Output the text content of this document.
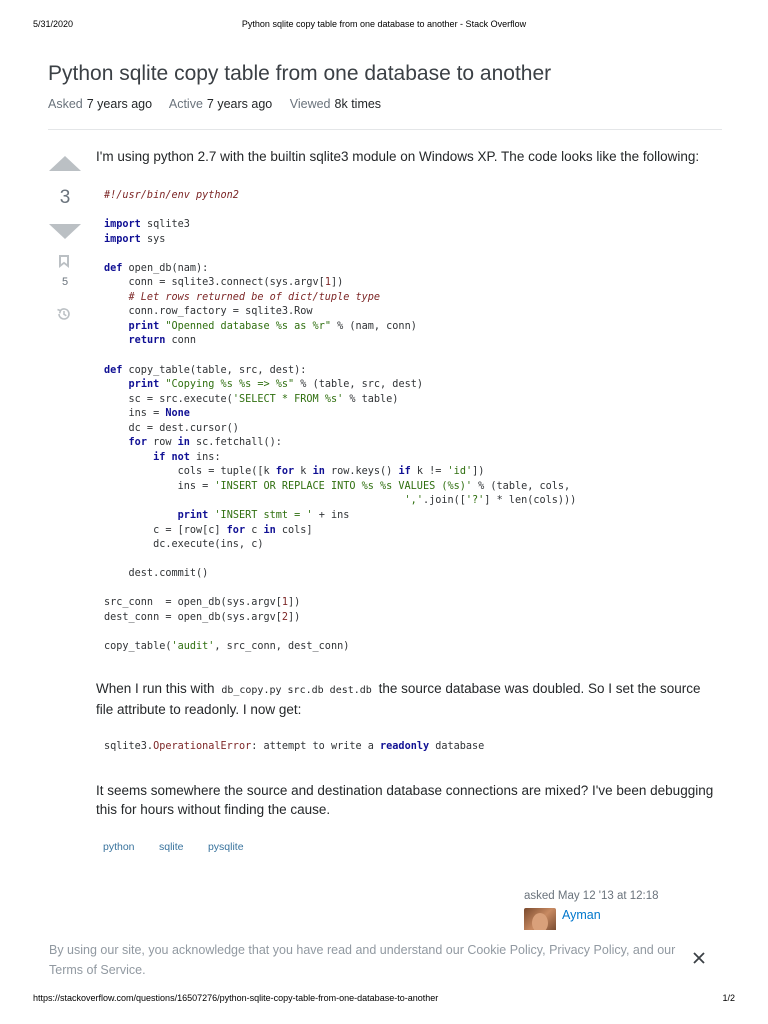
5/31/2020	Python sqlite copy table from one database to another - Stack Overflow
Python sqlite copy table from one database to another
Asked 7 years ago Active 7 years ago Viewed 8k times
3
5

I'm using python 2.7 with the builtin sqlite3 module on Windows XP. The code looks like the following:

#!/usr/bin/env python2

import sqlite3
import sys

def open_db(nam):
conn = sqlite3.connect(sys.argv[1])
# Let rows returned be of dict/tuple type
conn.row_factory = sqlite3.Row
print "Openned database %s as %r" % (nam, conn)
return conn

def copy_table(table, src, dest):
print "Copying %s %s => %s" % (table, src, dest)
sc = src.execute('SELECT * FROM %s' % table)
ins = None
dc = dest.cursor()
for row in sc.fetchall():
if not ins:
cols = tuple([k for k in row.keys() if k != 'id'])
ins = 'INSERT OR REPLACE INTO %s %s VALUES (%s)' % (table, cols,
','.join(['?'] * len(cols)))
print 'INSERT stmt = ' + ins
c = [row[c] for c in cols]
dc.execute(ins, c)

dest.commit()

src_conn  = open_db(sys.argv[1])
dest_conn = open_db(sys.argv[2])

copy_table('audit', src_conn, dest_conn)

When I run this with db_copy.py src.db dest.db the source database was doubled. So I set the source file attribute to readonly. I now get:

sqlite3.OperationalError: attempt to write a readonly database

It seems somewhere the source and destination database connections are mixed? I've been debugging this for hours without finding the cause.

python sqlite pysqlite
asked May 12 '13 at 12:18
Ayman
By using our site, you acknowledge that you have read and understand our Cookie Policy, Privacy Policy, and our Terms of Service.
https://stackoverflow.com/questions/16507276/python-sqlite-copy-table-from-one-database-to-another	1/2
